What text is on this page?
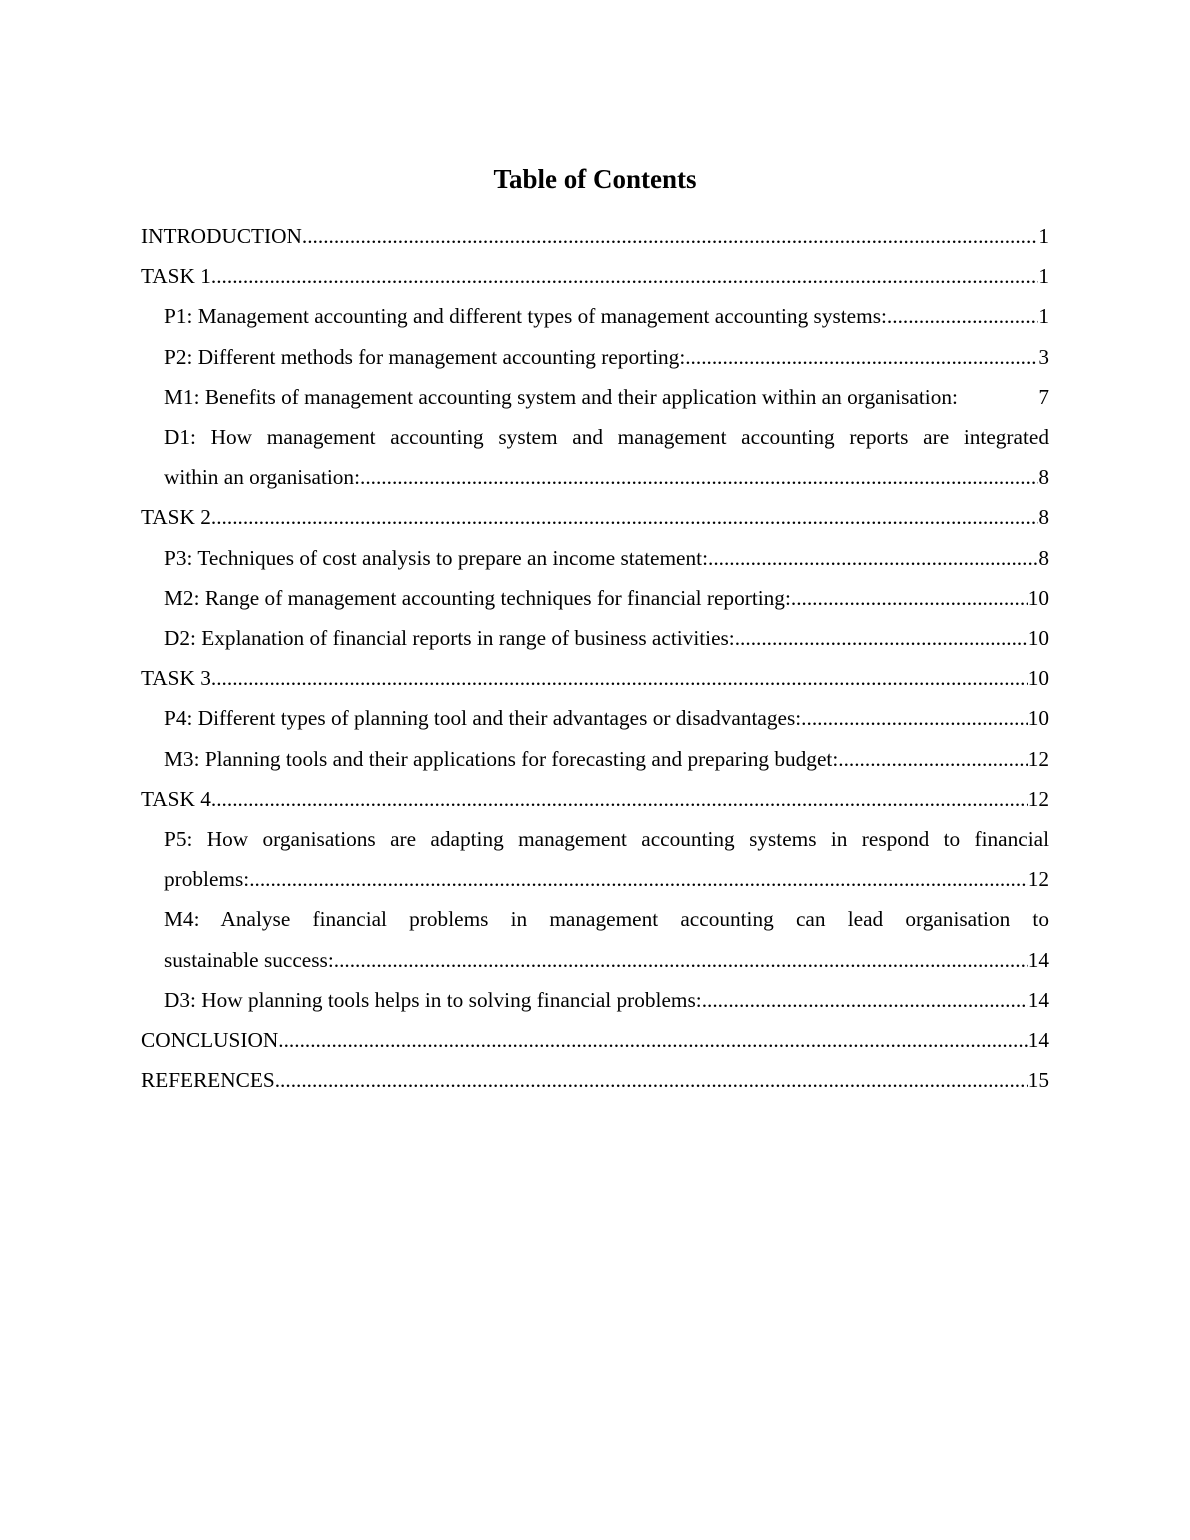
Table of Contents
INTRODUCTION .....	1
TASK 1 .....	1
P1: Management accounting and different types of management accounting systems: .....	1
P2: Different methods for management accounting reporting: .....	3
M1: Benefits of management accounting system and their application within an organisation:	7
D1: How management accounting system and management accounting reports are integrated
within an organisation: .....	8
TASK 2 .....	8
P3: Techniques of cost analysis to prepare an income statement: .....	8
M2: Range of management accounting techniques for financial reporting: .....	10
D2: Explanation of financial reports in range of business activities: .....	10
TASK 3 .....	10
P4: Different types of planning tool and their advantages or disadvantages: .....	10
M3: Planning tools and their applications for forecasting and preparing budget: .....	12
TASK 4 .....	12
P5: How organisations are adapting management accounting systems in respond to financial
problems: .....	12
M4: Analyse financial problems in management accounting can lead organisation to
sustainable success: .....	14
D3: How planning tools helps in to solving financial problems: .....	14
CONCLUSION .....	14
REFERENCES .....	15
